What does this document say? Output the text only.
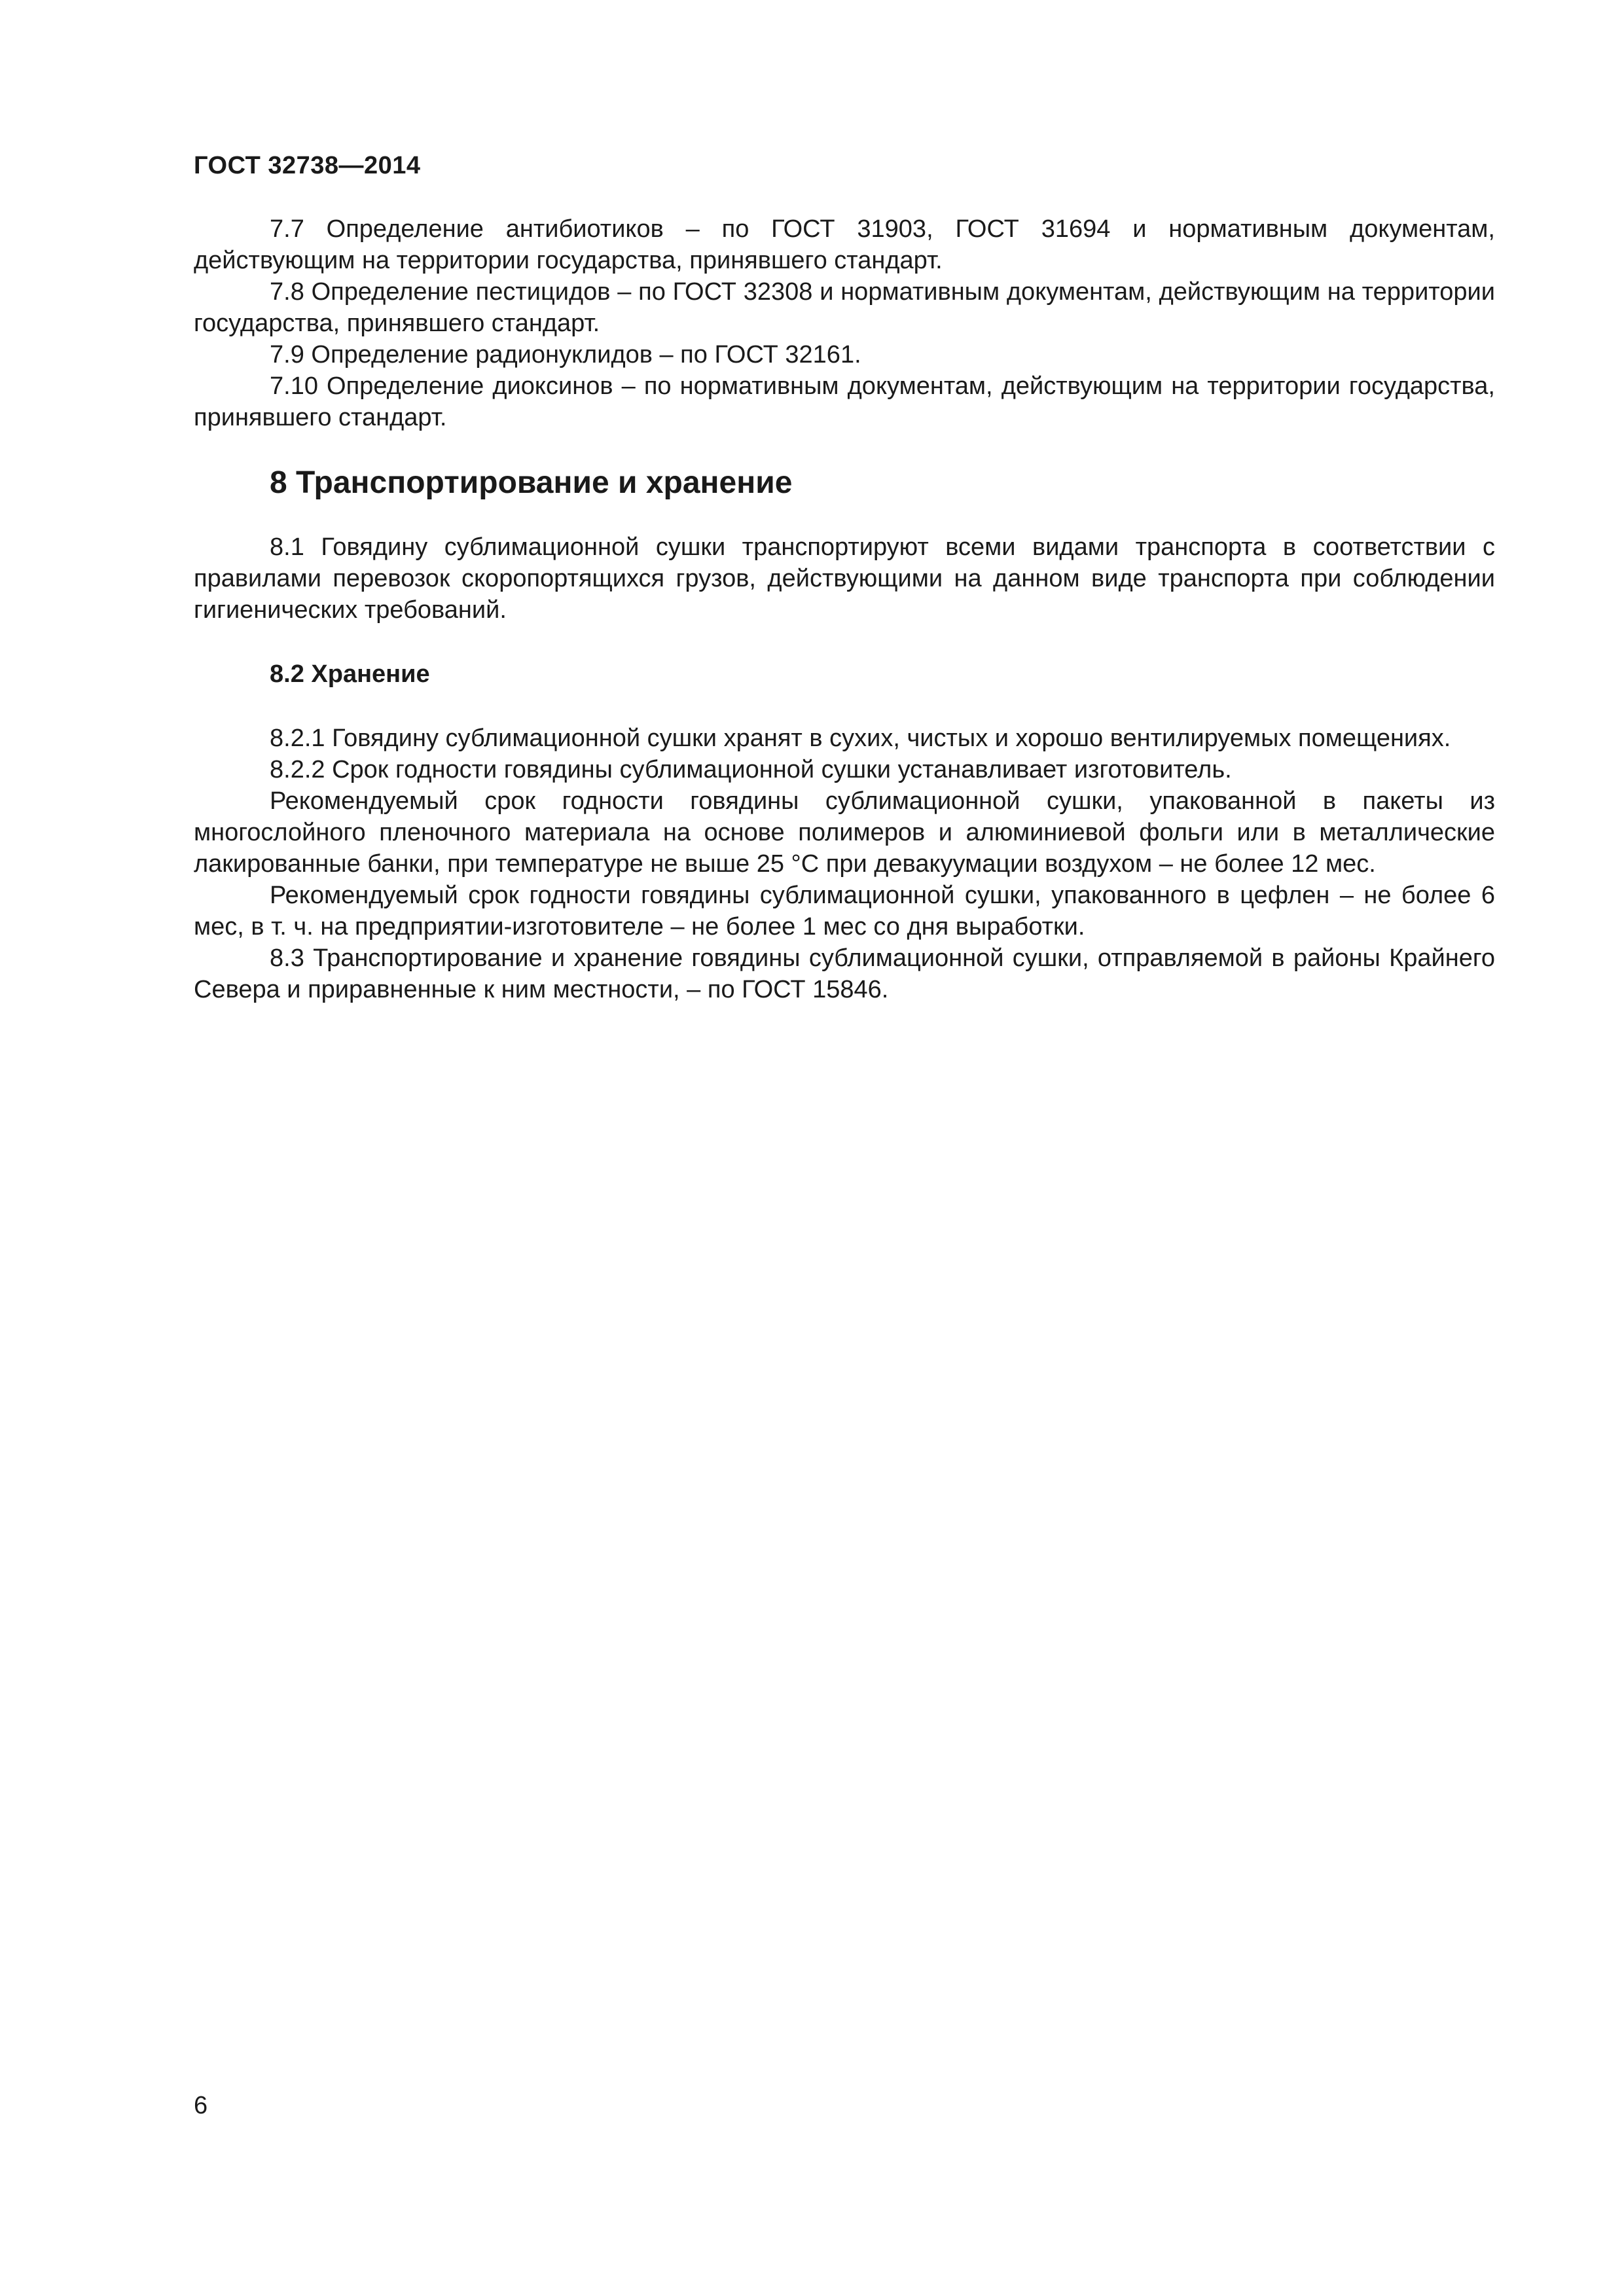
ГОСТ 32738—2014

7.7 Определение антибиотиков – по ГОСТ 31903, ГОСТ 31694 и нормативным документам, действующим на территории государства, принявшего стандарт.

7.8 Определение пестицидов – по ГОСТ 32308 и нормативным документам, действующим на территории государства, принявшего стандарт.

7.9 Определение радионуклидов – по ГОСТ 32161.

7.10 Определение диоксинов – по нормативным документам, действующим на территории государства, принявшего стандарт.

8 Транспортирование и хранение

8.1 Говядину сублимационной сушки транспортируют всеми видами транспорта в соответствии с правилами перевозок скоропортящихся грузов, действующими на данном виде транспорта при соблюдении гигиенических требований.

8.2 Хранение

8.2.1 Говядину сублимационной сушки хранят в сухих, чистых и хорошо вентилируемых помещениях.

8.2.2 Срок годности говядины сублимационной сушки устанавливает изготовитель.

Рекомендуемый срок годности говядины сублимационной сушки, упакованной в пакеты из многослойного пленочного материала на основе полимеров и алюминиевой фольги или в металлические лакированные банки, при температуре не выше 25 °С при девакуумации воздухом – не более 12 мес.

Рекомендуемый срок годности говядины сублимационной сушки, упакованного в цефлен – не более 6 мес, в т. ч. на предприятии-изготовителе – не более 1 мес со дня выработки.

8.3 Транспортирование и хранение говядины сублимационной сушки, отправляемой в районы Крайнего Севера и приравненные к ним местности, – по ГОСТ 15846.

6
